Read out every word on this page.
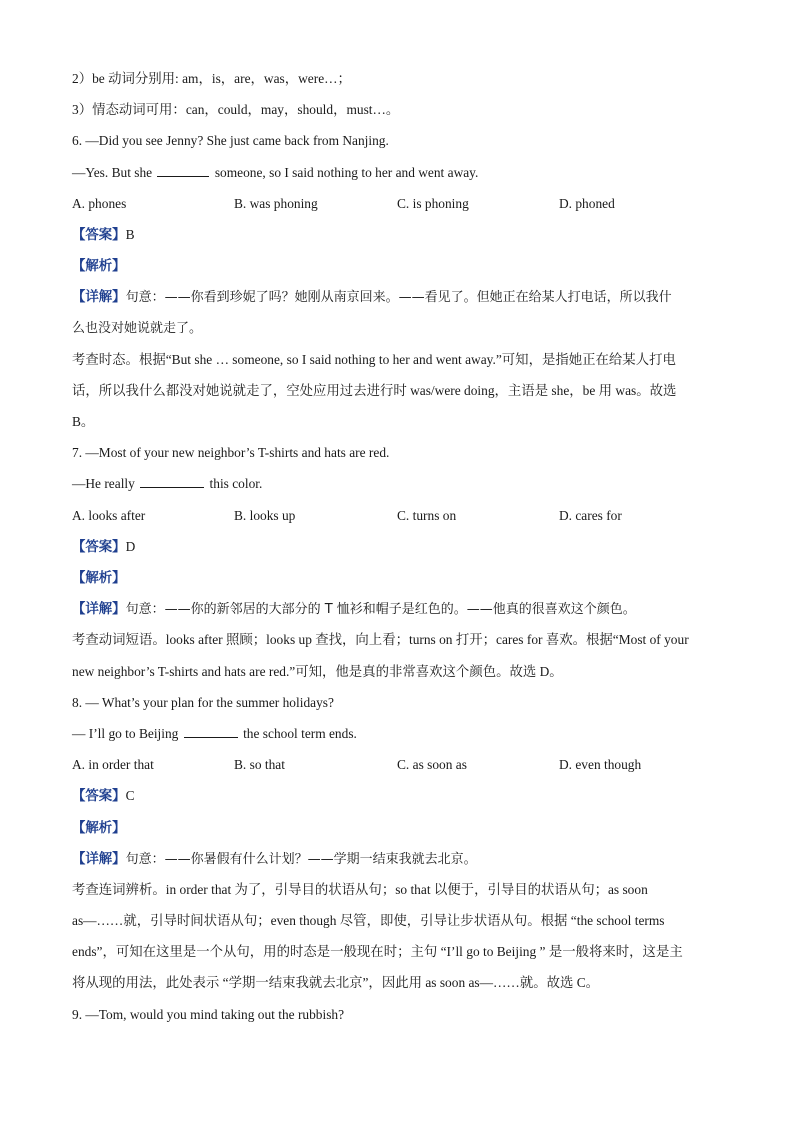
2）be 动词分别用: am，is，are，was，were…；
3）情态动词可用：can，could，may，should，must…。
6. —Did you see Jenny? She just came back from Nanjing.
—Yes. But she	someone, so I said nothing to her and went away.
A. phones	B. was phoning	C. is phoning	D. phoned
【答案】B
【解析】
【详解】句意：——你看到珍妮了吗？她刚从南京回来。——看见了。但她正在给某人打电话，所以我什
么也没对她说就走了。
考查时态。根据“But she … someone, so I said nothing to her and went away.”可知，是指她正在给某人打电
话，所以我什么都没对她说就走了，空处应用过去进行时 was/were doing，主语是 she，be 用 was。故选
B。
7. —Most of your new neighbor’s T-shirts and hats are red.
—He really	this color.
A. looks after	B. looks up	C. turns on	D. cares for
【答案】D
【解析】
【详解】句意：——你的新邻居的大部分的 T 恤衫和帽子是红色的。——他真的很喜欢这个颜色。
考查动词短语。looks after 照顾；looks up 查找，向上看；turns on 打开；cares for 喜欢。根据“Most of your
new neighbor’s T-shirts and hats are red.”可知，他是真的非常喜欢这个颜色。故选 D。
8. — What’s your plan for the summer holidays?
— I’ll go to Beijing	the school term ends.
A. in order that	B. so that	C. as soon as	D. even though
【答案】C
【解析】
【详解】句意：——你暑假有什么计划？——学期一结束我就去北京。
考查连词辨析。in order that 为了，引导目的状语从句；so that 以便于，引导目的状语从句；as soon
as—……就，引导时间状语从句；even though 尽管，即使，引导让步状语从句。根据 “the school terms
ends”，可知在这里是一个从句，用的时态是一般现在时；主句 “I’ll go to Beijing ” 是一般将来时，这是主
将从现的用法，此处表示 “学期一结束我就去北京”，因此用 as soon as—……就。故选 C。
9. —Tom, would you mind taking out the rubbish?
